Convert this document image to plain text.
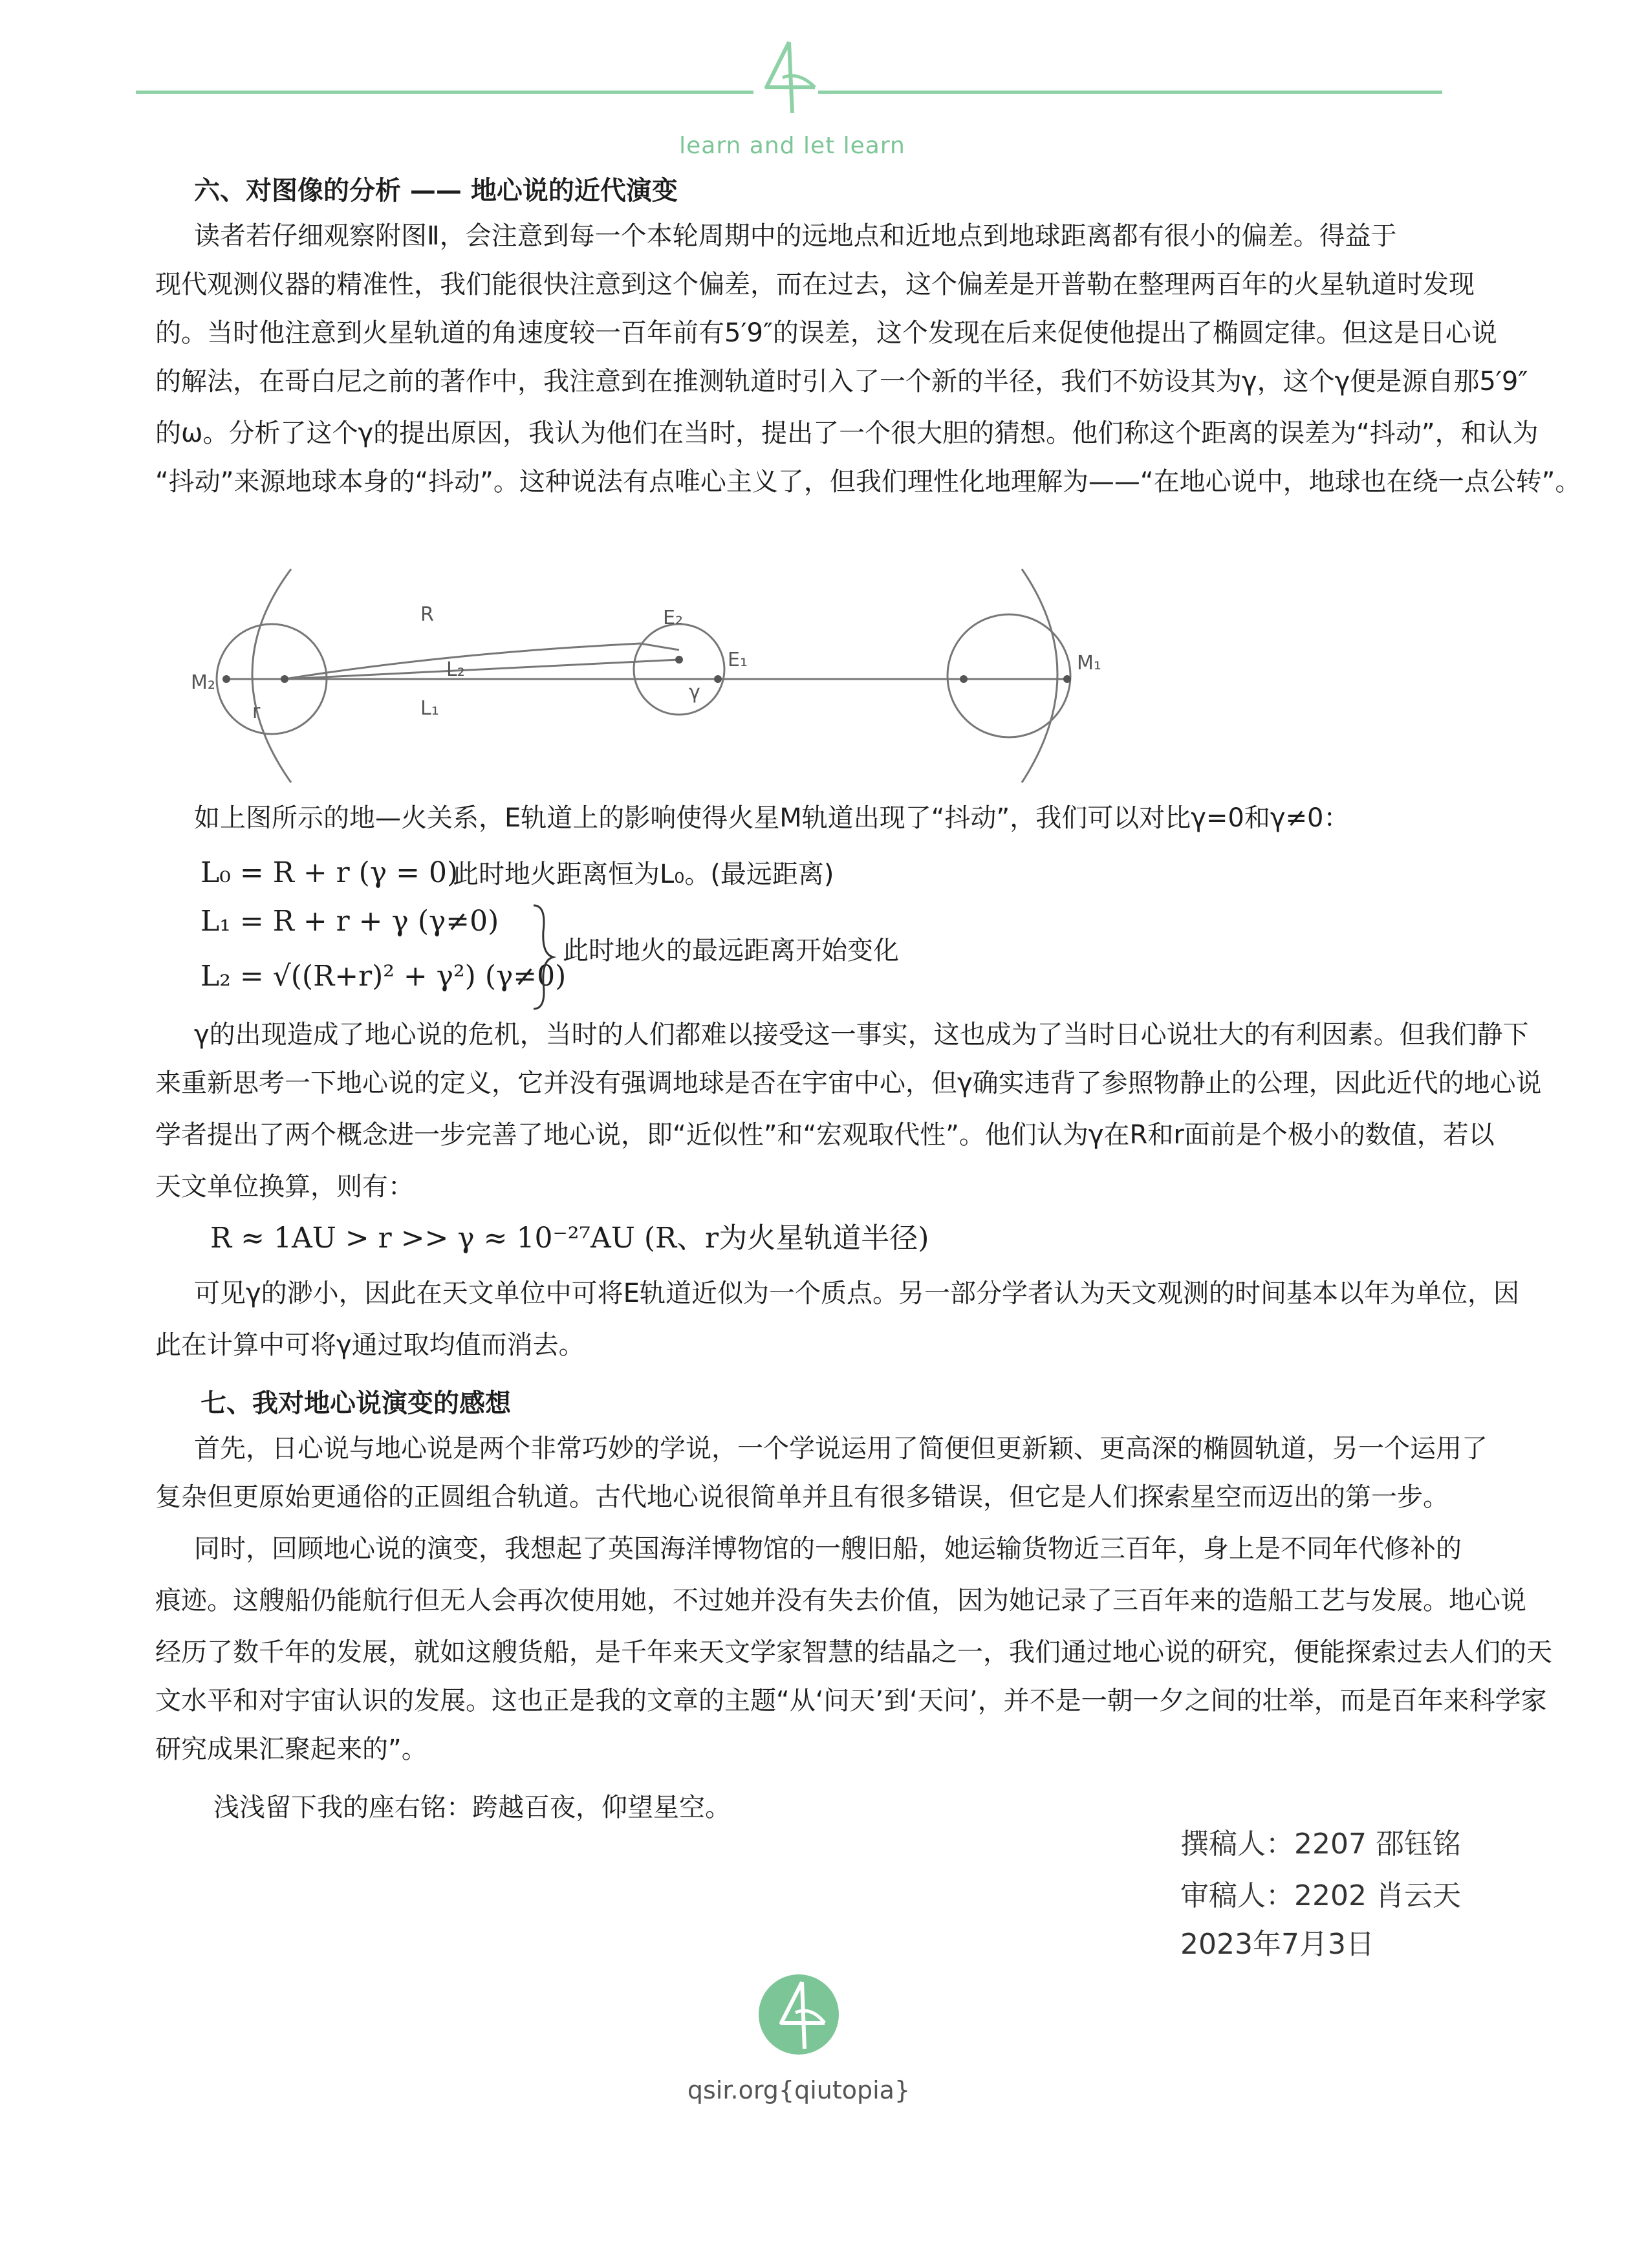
learn and let learn
六、对图像的分析 —— 地心说的近代演变
读者若仔细观察附图Ⅱ，会注意到每一个本轮周期中的远地点和近地点到地球距离都有很小的偏差。得益于
现代观测仪器的精准性，我们能很快注意到这个偏差，而在过去，这个偏差是开普勒在整理两百年的火星轨道时发现
的。当时他注意到火星轨道的角速度较一百年前有5′9″的误差，这个发现在后来促使他提出了椭圆定律。但这是日心说
的解法，在哥白尼之前的著作中，我注意到在推测轨道时引入了一个新的半径，我们不妨设其为γ，这个γ便是源自那5′9″
的ω。分析了这个γ的提出原因，我认为他们在当时，提出了一个很大胆的猜想。他们称这个距离的误差为“抖动”，和认为
“抖动”来源地球本身的“抖动”。这种说法有点唯心主义了，但我们理性化地理解为——“在地心说中，地球也在绕一点公转”。
R
L₂
L₁
M₂
M₁
E₂
E₁
r
γ
如上图所示的地—火关系，E轨道上的影响使得火星M轨道出现了“抖动”，我们可以对比γ=0和γ≠0：
L₀ = R + r (γ = 0)
此时地火距离恒为L₀。(最远距离)
L₁ = R + r + γ (γ≠0)
L₂ = √((R+r)² + γ²) (γ≠0)
此时地火的最远距离开始变化
γ的出现造成了地心说的危机，当时的人们都难以接受这一事实，这也成为了当时日心说壮大的有利因素。但我们静下
来重新思考一下地心说的定义，它并没有强调地球是否在宇宙中心，但γ确实违背了参照物静止的公理，因此近代的地心说
学者提出了两个概念进一步完善了地心说，即“近似性”和“宏观取代性”。他们认为γ在R和r面前是个极小的数值，若以
天文单位换算，则有：
R ≈ 1AU > r >> γ ≈ 10⁻²⁷AU (R、r为火星轨道半径)
可见γ的渺小，因此在天文单位中可将E轨道近似为一个质点。另一部分学者认为天文观测的时间基本以年为单位，因
此在计算中可将γ通过取均值而消去。
七、我对地心说演变的感想
首先，日心说与地心说是两个非常巧妙的学说，一个学说运用了简便但更新颖、更高深的椭圆轨道，另一个运用了
复杂但更原始更通俗的正圆组合轨道。古代地心说很简单并且有很多错误，但它是人们探索星空而迈出的第一步。
同时，回顾地心说的演变，我想起了英国海洋博物馆的一艘旧船，她运输货物近三百年，身上是不同年代修补的
痕迹。这艘船仍能航行但无人会再次使用她，不过她并没有失去价值，因为她记录了三百年来的造船工艺与发展。地心说
经历了数千年的发展，就如这艘货船，是千年来天文学家智慧的结晶之一，我们通过地心说的研究，便能探索过去人们的天
文水平和对宇宙认识的发展。这也正是我的文章的主题“从‘问天’到‘天问’，并不是一朝一夕之间的壮举，而是百年来科学家
研究成果汇聚起来的”。
浅浅留下我的座右铭：跨越百夜，仰望星空。
撰稿人：2207 邵钰铭
审稿人：2202 肖云天
2023年7月3日
qsir.org{qiutopia}
